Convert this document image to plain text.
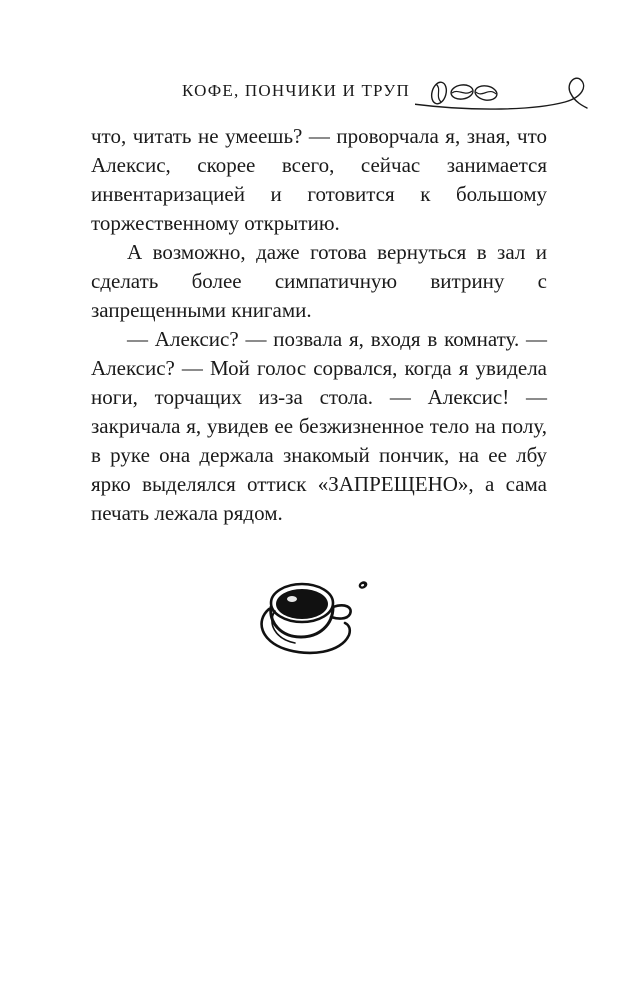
КОФЕ, ПОНЧИКИ И ТРУП

что, читать не умеешь? — проворчала я, зная, что Алексис, скорее всего, сейчас занимается инвентаризацией и готовится к большому торжественному открытию.

А возможно, даже готова вернуться в зал и сделать более симпатичную витрину с запрещенными книгами.

— Алексис? — позвала я, входя в комнату. — Алексис? — Мой голос сорвался, когда я увидела ноги, торчащих из-за стола. — Алексис! — закричала я, увидев ее безжизненное тело на полу, в руке она держала знакомый пончик, на ее лбу ярко выделялся оттиск «ЗАПРЕЩЕНО», а сама печать лежала рядом.
